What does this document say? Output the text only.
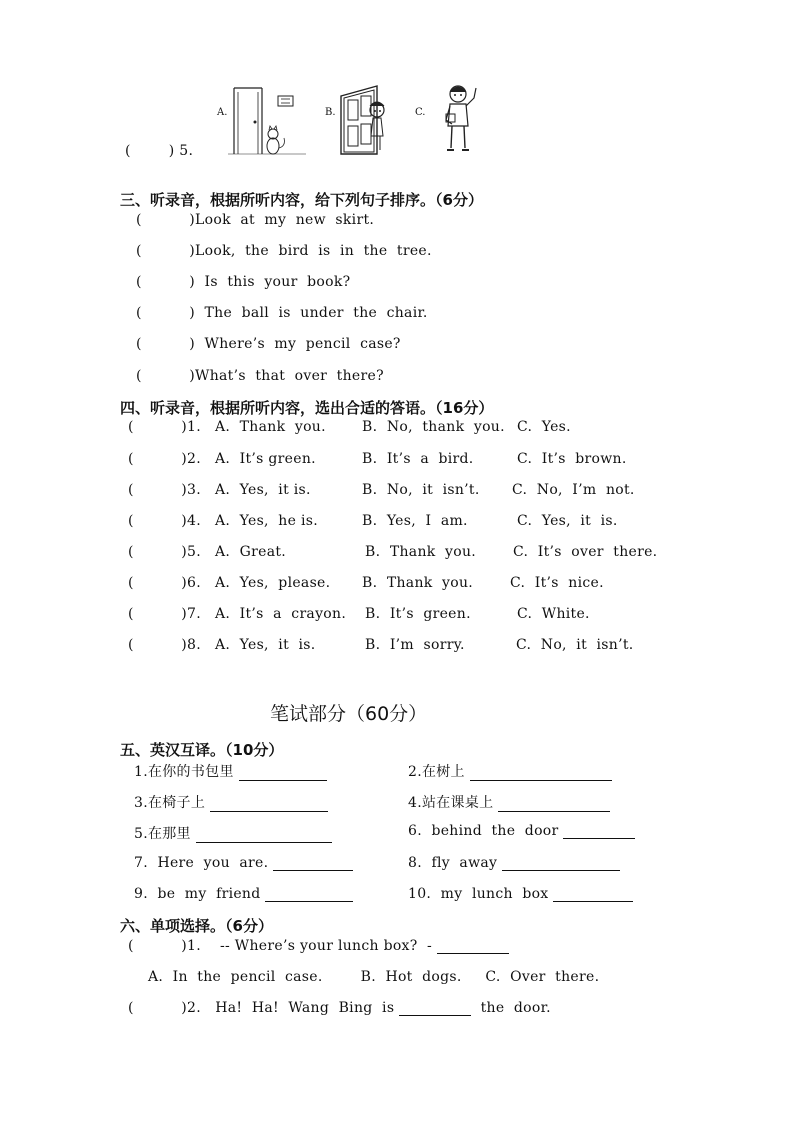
(        ) 5.
A.	B.	C.
三、听录音，根据所听内容，给下列句子排序。（6分）
(          )Look  at  my  new  skirt.
(          )Look,  the  bird  is  in  the  tree.
(          )  Is  this  your  book?
(          )  The  ball  is  under  the  chair.
(          )  Where’s  my  pencil  case?
(          )What’s  that  over  there?
四、听录音，根据所听内容，选出合适的答语。（16分）
(          )1. A.  Thank  you.	B.  No,  thank  you. C.  Yes.
(          )2. A.  It’s green.	B.  It’s  a  bird.	C.  It’s  brown.
(          )3. A.  Yes,  it is.	B.  No,  it  isn’t. C.  No,  I’m  not.
(          )4. A.  Yes,  he is.	B.  Yes,  I  am.	C.  Yes,  it  is.
(          )5. A.  Great.	B.  Thank  you.	C.  It’s  over  there.
(          )6. A.  Yes,  please. B.  Thank  you.	C.  It’s  nice.
(          )7. A.  It’s  a  crayon. B.  It’s  green.	C.  White.
(          )8. A.  Yes,  it  is.	B.  I’m  sorry.	C.  No,  it  isn’t.
笔试部分（60分）
五、英汉互译。（10分）
1.在你的书包里	2.在树上
3.在椅子上	4.站在课桌上
5.在那里	6.  behind  the  door
7.  Here  you  are.	8.  fly  away
9.  be  my  friend	10.  my  lunch  box
六、单项选择。（6分）
(          )1.    -- Where’s your lunch box?  -
A.  In  the  pencil  case.        B.  Hot  dogs.     C.  Over  there.
(          )2.   Ha!  Ha!  Wang  Bing  is	the  door.
